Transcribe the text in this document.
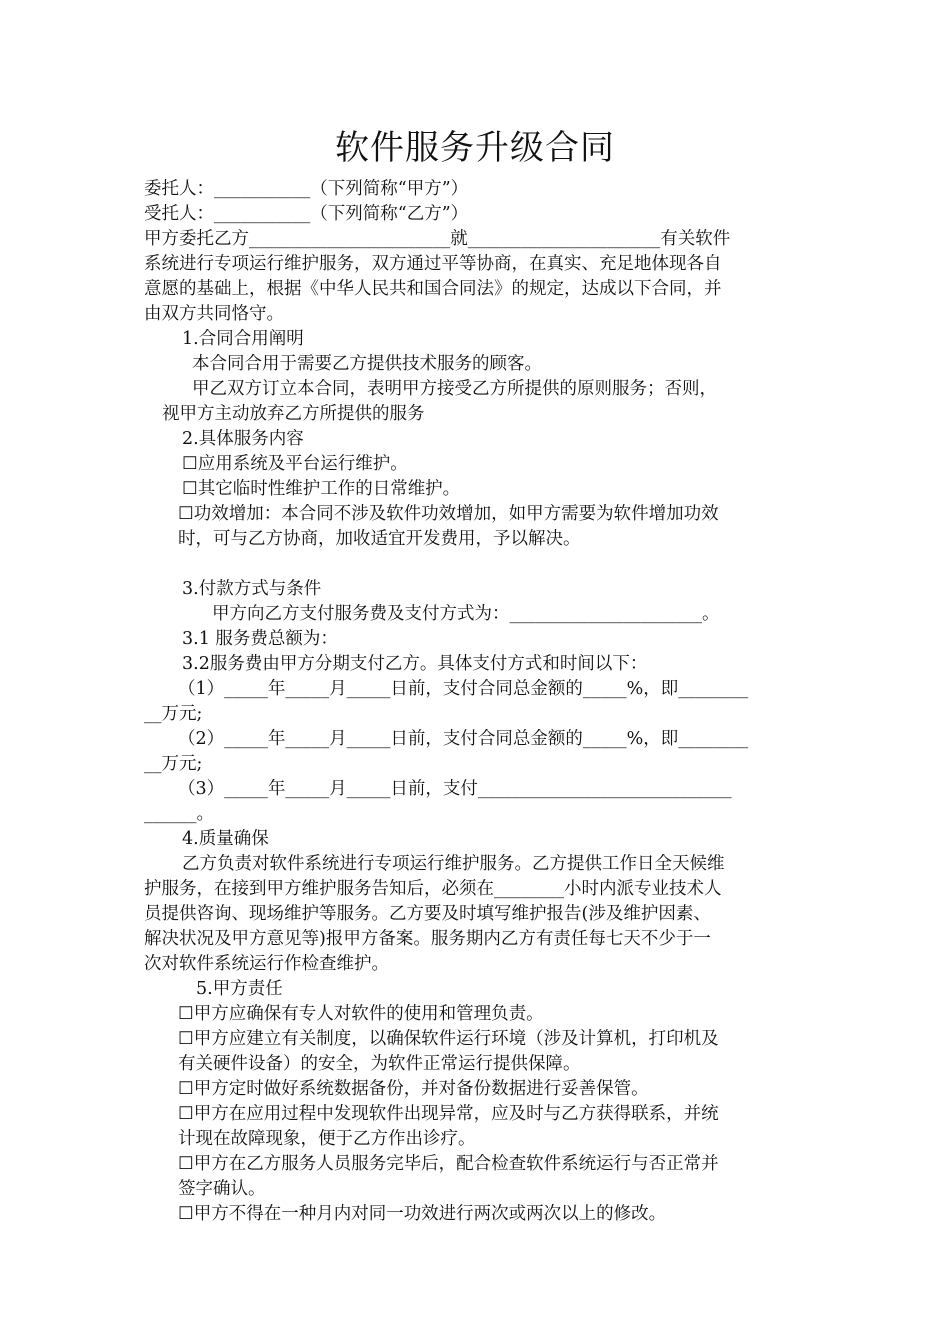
软件服务升级合同
委托人：___________（下列简称“甲方”）
受托人：___________（下列简称“乙方”）
甲方委托乙方_______________________就______________________有关软件
系统进行专项运行维护服务，双方通过平等协商，在真实、充足地体现各自
意愿的基础上，根据《中华人民共和国合同法》的规定，达成以下合同，并
由双方共同恪守。
1.合同合用阐明
本合同合用于需要乙方提供技术服务的顾客。
甲乙双方订立本合同，表明甲方接受乙方所提供的原则服务；否则，
视甲方主动放弃乙方所提供的服务
2.具体服务内容
☐应用系统及平台运行维护。
☐其它临时性维护工作的日常维护。
☐功效增加：本合同不涉及软件功效增加，如甲方需要为软件增加功效
时，可与乙方协商，加收适宜开发费用，予以解决。
3.付款方式与条件
甲方向乙方支付服务费及支付方式为：______________________。
3.1 服务费总额为：
3.2服务费由甲方分期支付乙方。具体支付方式和时间以下：
（1）_____年_____月_____日前，支付合同总金额的_____%，即________
__万元;
（2）_____年_____月_____日前，支付合同总金额的_____%，即________
__万元;
（3）_____年_____月_____日前，支付_____________________________
______。
4.质量确保
乙方负责对软件系统进行专项运行维护服务。乙方提供工作日全天候维
护服务，在接到甲方维护服务告知后，必须在________小时内派专业技术人
员提供咨询、现场维护等服务。乙方要及时填写维护报告(涉及维护因素、
解决状况及甲方意见等)报甲方备案。服务期内乙方有责任每七天不少于一
次对软件系统运行作检查维护。
5.甲方责任
☐甲方应确保有专人对软件的使用和管理负责。
☐甲方应建立有关制度，以确保软件运行环境（涉及计算机，打印机及
有关硬件设备）的安全，为软件正常运行提供保障。
☐甲方定时做好系统数据备份，并对备份数据进行妥善保管。
☐甲方在应用过程中发现软件出现异常，应及时与乙方获得联系，并统
计现在故障现象，便于乙方作出诊疗。
☐甲方在乙方服务人员服务完毕后，配合检查软件系统运行与否正常并
签字确认。
☐甲方不得在一种月内对同一功效进行两次或两次以上的修改。
